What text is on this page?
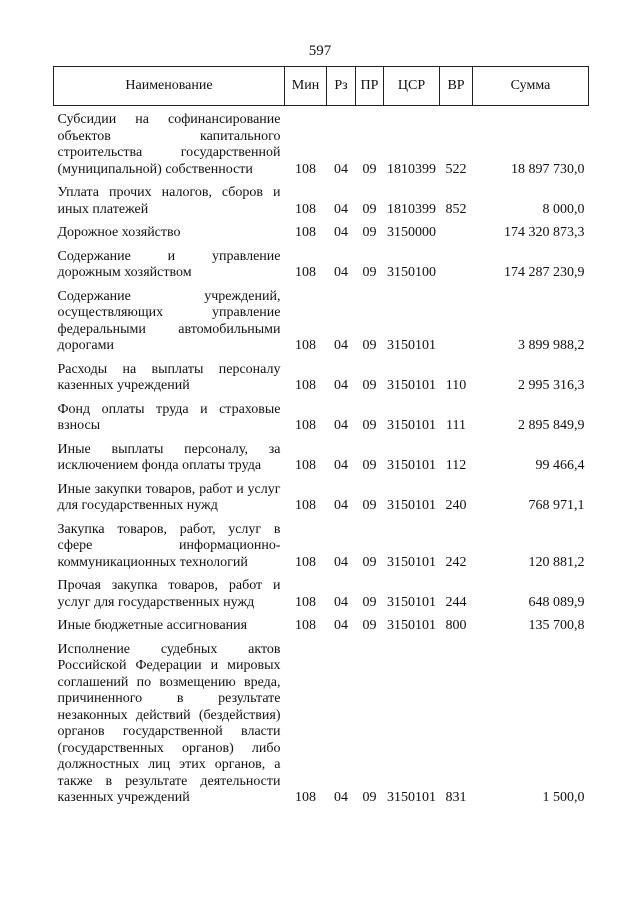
597
Наименование	Мин	Рз	ПР	ЦСР	ВР	Сумма

Субсидии на софинансирование объектов капитального строительства государственной (муниципальной) собственности	108	04	09	1810399	522	18 897 730,0

Уплата прочих налогов, сборов и иных платежей	108	04	09	1810399	852	8 000,0

Дорожное хозяйство	108	04	09	3150000		174 320 873,3

Содержание и управление дорожным хозяйством	108	04	09	3150100		174 287 230,9

Содержание учреждений, осуществляющих управление федеральными автомобильными дорогами	108	04	09	3150101		3 899 988,2

Расходы на выплаты персоналу казенных учреждений	108	04	09	3150101	110	2 995 316,3

Фонд оплаты труда и страховые взносы	108	04	09	3150101	111	2 895 849,9

Иные выплаты персоналу, за исключением фонда оплаты труда	108	04	09	3150101	112	99 466,4

Иные закупки товаров, работ и услуг для государственных нужд	108	04	09	3150101	240	768 971,1

Закупка товаров, работ, услуг в сфере информационно-коммуникационных технологий	108	04	09	3150101	242	120 881,2

Прочая закупка товаров, работ и услуг для государственных нужд	108	04	09	3150101	244	648 089,9

Иные бюджетные ассигнования	108	04	09	3150101	800	135 700,8

Исполнение судебных актов Российской Федерации и мировых соглашений по возмещению вреда, причиненного в результате незаконных действий (бездействия) органов государственной власти (государственных органов) либо должностных лиц этих органов, а также в результате деятельности казенных учреждений	108	04	09	3150101	831	1 500,0
